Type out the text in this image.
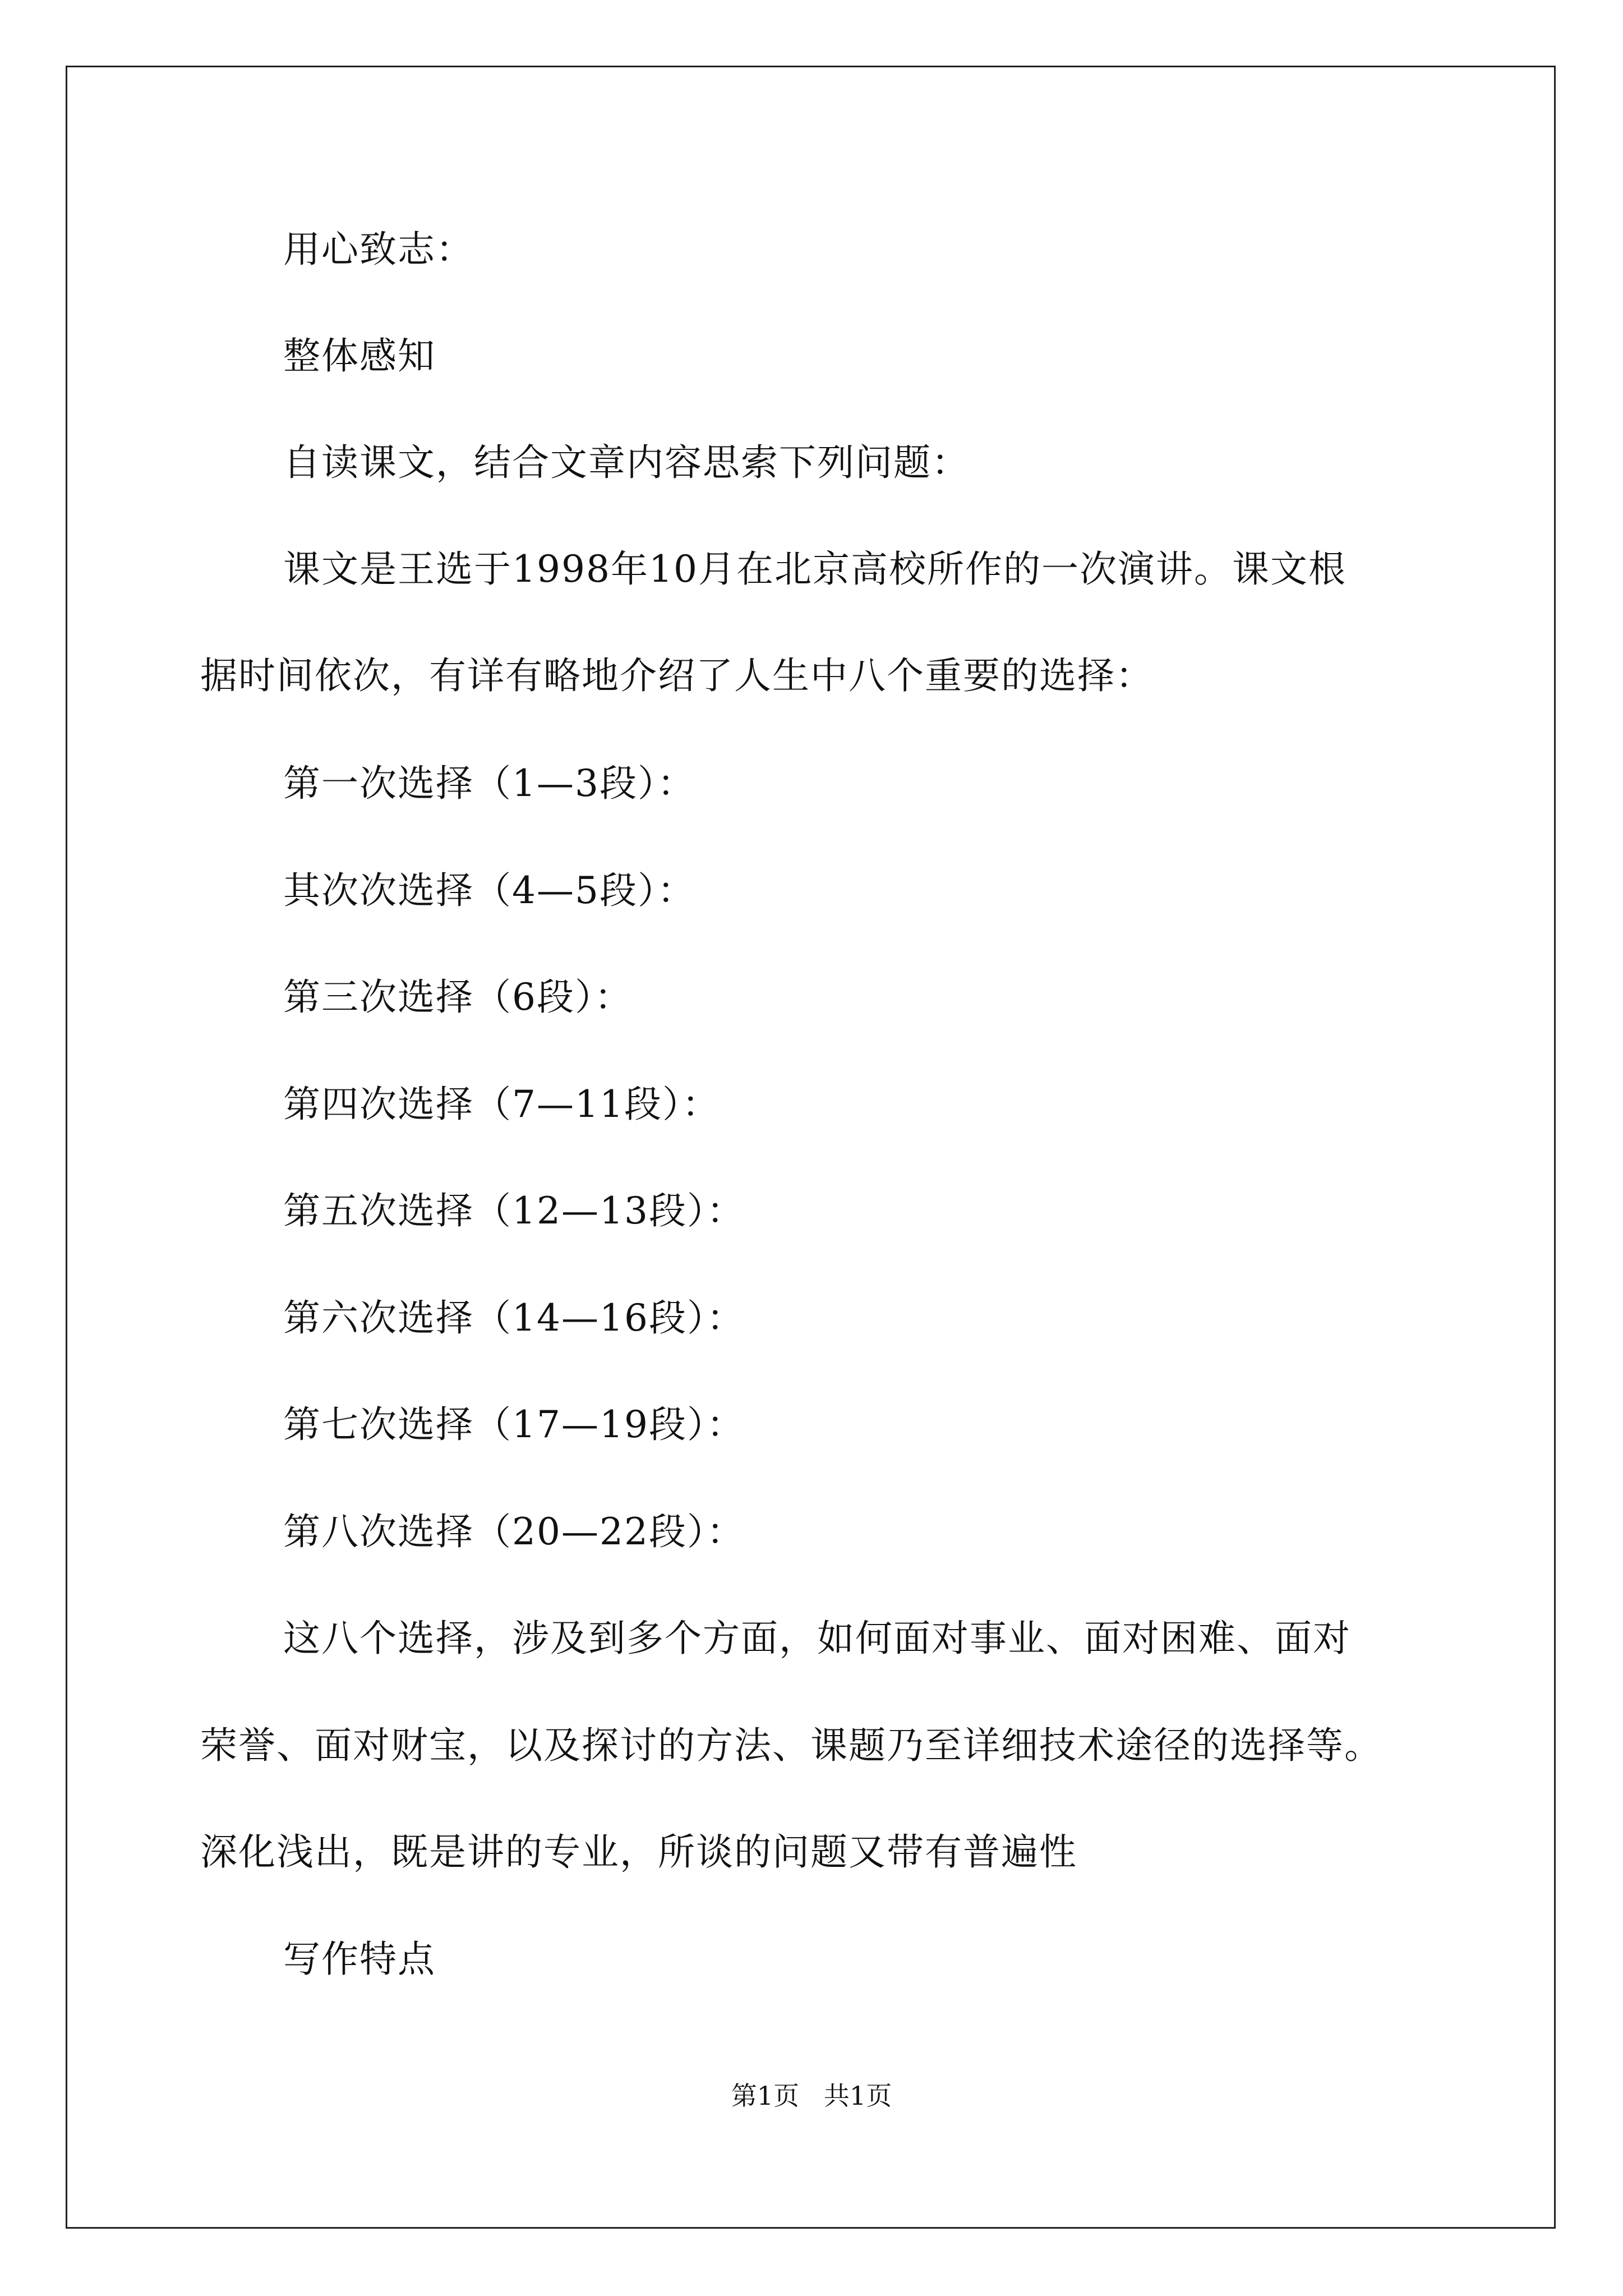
用心致志：
整体感知
自读课文，结合文章内容思索下列问题：
课文是王选于1998年10月在北京高校所作的一次演讲。课文根
据时间依次，有详有略地介绍了人生中八个重要的选择：
第一次选择（1—3段）：
其次次选择（4—5段）：
第三次选择（6段）：
第四次选择（7—11段）：
第五次选择（12—13段）：
第六次选择（14—16段）：
第七次选择（17—19段）：
第八次选择（20—22段）：
这八个选择，涉及到多个方面，如何面对事业、面对困难、面对
荣誉、面对财宝，以及探讨的方法、课题乃至详细技术途径的选择等。
深化浅出，既是讲的专业，所谈的问题又带有普遍性
写作特点
第1页   共1页
